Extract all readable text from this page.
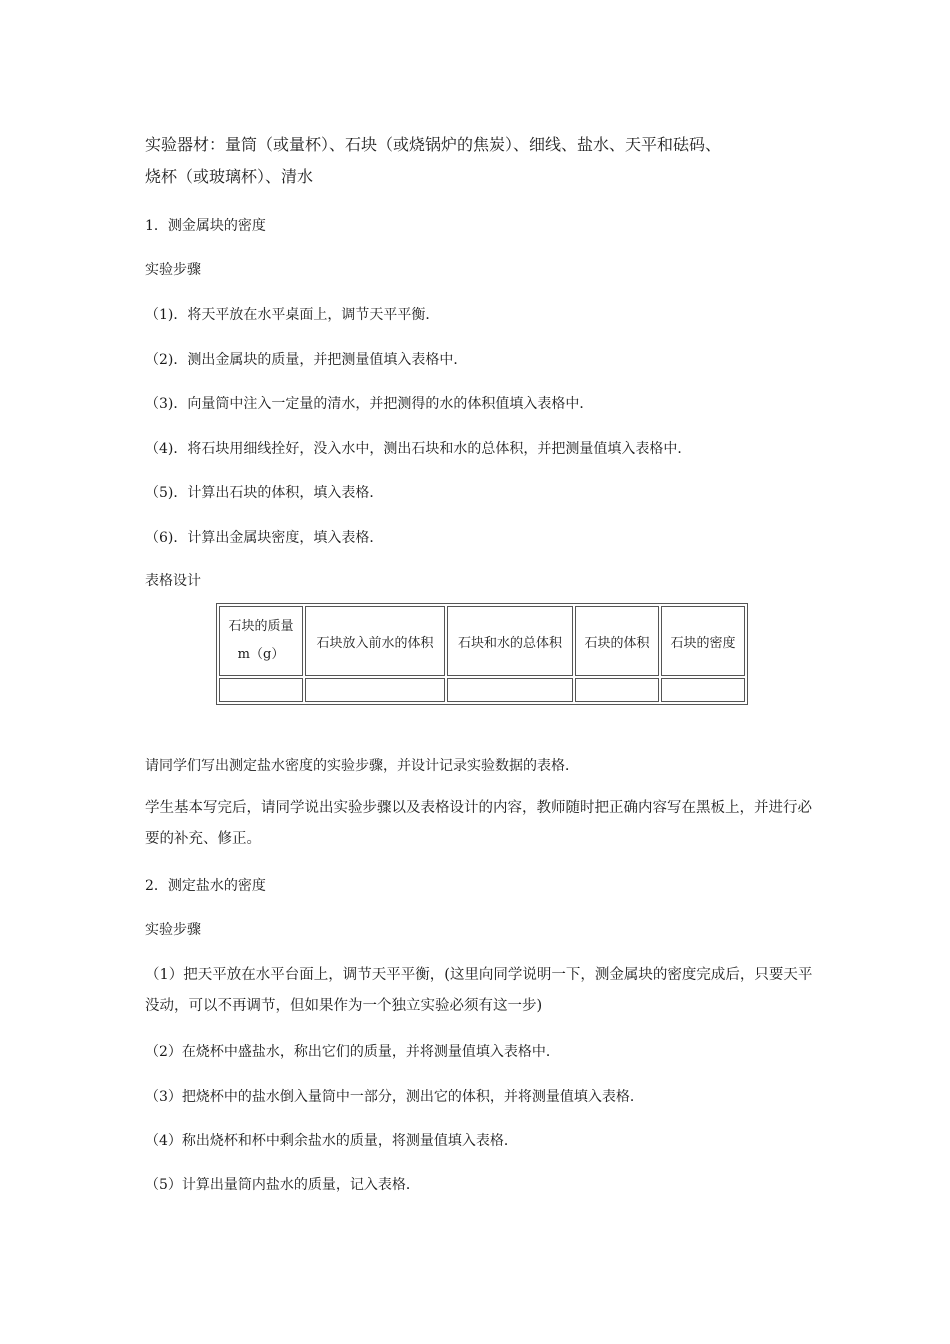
实验器材：量筒（或量杯）、石块（或烧锅炉的焦炭）、细线、盐水、天平和砝码、

烧杯（或玻璃杯）、清水

1．测金属块的密度

实验步骤

（1)．将天平放在水平桌面上，调节天平平衡．

（2)．测出金属块的质量，并把测量值填入表格中．

（3)．向量筒中注入一定量的清水，并把测得的水的体积值填入表格中．

（4)．将石块用细线拴好，没入水中，测出石块和水的总体积，并把测量值填入表格中．

（5)．计算出石块的体积，填入表格．

（6)．计算出金属块密度，填入表格．

表格设计

石块的质量
m（g）	石块放入前水的体积	石块和水的总体积	石块的体积	石块的密度

请同学们写出测定盐水密度的实验步骤，并设计记录实验数据的表格．

学生基本写完后，请同学说出实验步骤以及表格设计的内容，教师随时把正确内容写在黑板上，并进行必要的补充、修正。

2．测定盐水的密度

实验步骤

（1）把天平放在水平台面上，调节天平平衡，(这里向同学说明一下，测金属块的密度完成后，只要天平没动，可以不再调节，但如果作为一个独立实验必须有这一步)

（2）在烧杯中盛盐水，称出它们的质量，并将测量值填入表格中．

（3）把烧杯中的盐水倒入量筒中一部分，测出它的体积，并将测量值填入表格．

（4）称出烧杯和杯中剩余盐水的质量，将测量值填入表格．

（5）计算出量筒内盐水的质量，记入表格．
